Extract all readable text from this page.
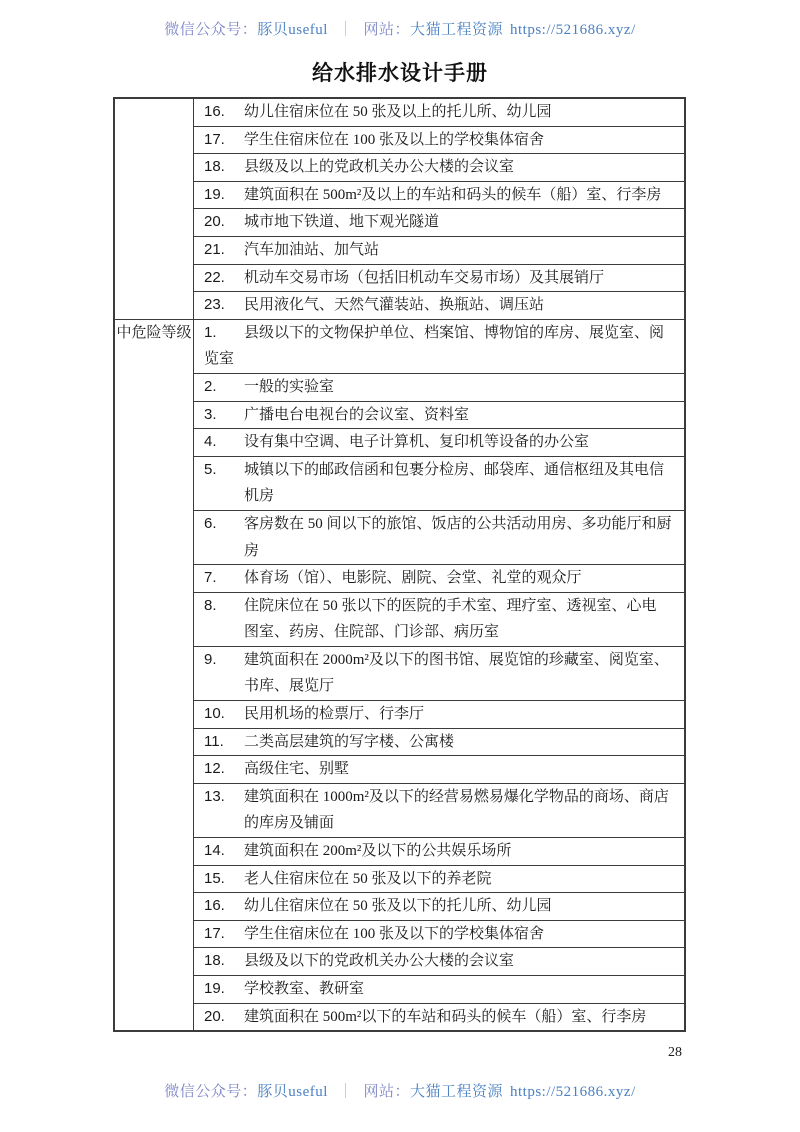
微信公众号：豚贝useful ｜ 网站：大猫工程资源 https://521686.xyz/
给水排水设计手册
16. 幼儿住宿床位在 50 张及以上的托儿所、幼儿园
17. 学生住宿床位在 100 张及以上的学校集体宿舍
18. 县级及以上的党政机关办公大楼的会议室
19. 建筑面积在 500m²及以上的车站和码头的候车（船）室、行李房
20. 城市地下铁道、地下观光隧道
21. 汽车加油站、加气站
22. 机动车交易市场（包括旧机动车交易市场）及其展销厅
23. 民用液化气、天然气灌装站、换瓶站、调压站
中危险等级 1. 县级以下的文物保护单位、档案馆、博物馆的库房、展览室、阅
览室
2. 一般的实验室
3. 广播电台电视台的会议室、资料室
4. 设有集中空调、电子计算机、复印机等设备的办公室
5. 城镇以下的邮政信函和包裹分检房、邮袋库、通信枢纽及其电信
机房
6. 客房数在 50 间以下的旅馆、饭店的公共活动用房、多功能厅和厨
房
7. 体育场（馆）、电影院、剧院、会堂、礼堂的观众厅
8. 住院床位在 50 张以下的医院的手术室、理疗室、透视室、心电
图室、药房、住院部、门诊部、病历室
9. 建筑面积在 2000m²及以下的图书馆、展览馆的珍藏室、阅览室、
书库、展览厅
10. 民用机场的检票厅、行李厅
11. 二类高层建筑的写字楼、公寓楼
12. 高级住宅、别墅
13. 建筑面积在 1000m²及以下的经营易燃易爆化学物品的商场、商店
的库房及铺面
14. 建筑面积在 200m²及以下的公共娱乐场所
15. 老人住宿床位在 50 张及以下的养老院
16. 幼儿住宿床位在 50 张及以下的托儿所、幼儿园
17. 学生住宿床位在 100 张及以下的学校集体宿舍
18. 县级及以下的党政机关办公大楼的会议室
19. 学校教室、教研室
20. 建筑面积在 500m²以下的车站和码头的候车（船）室、行李房
28
微信公众号：豚贝useful ｜ 网站：大猫工程资源 https://521686.xyz/
